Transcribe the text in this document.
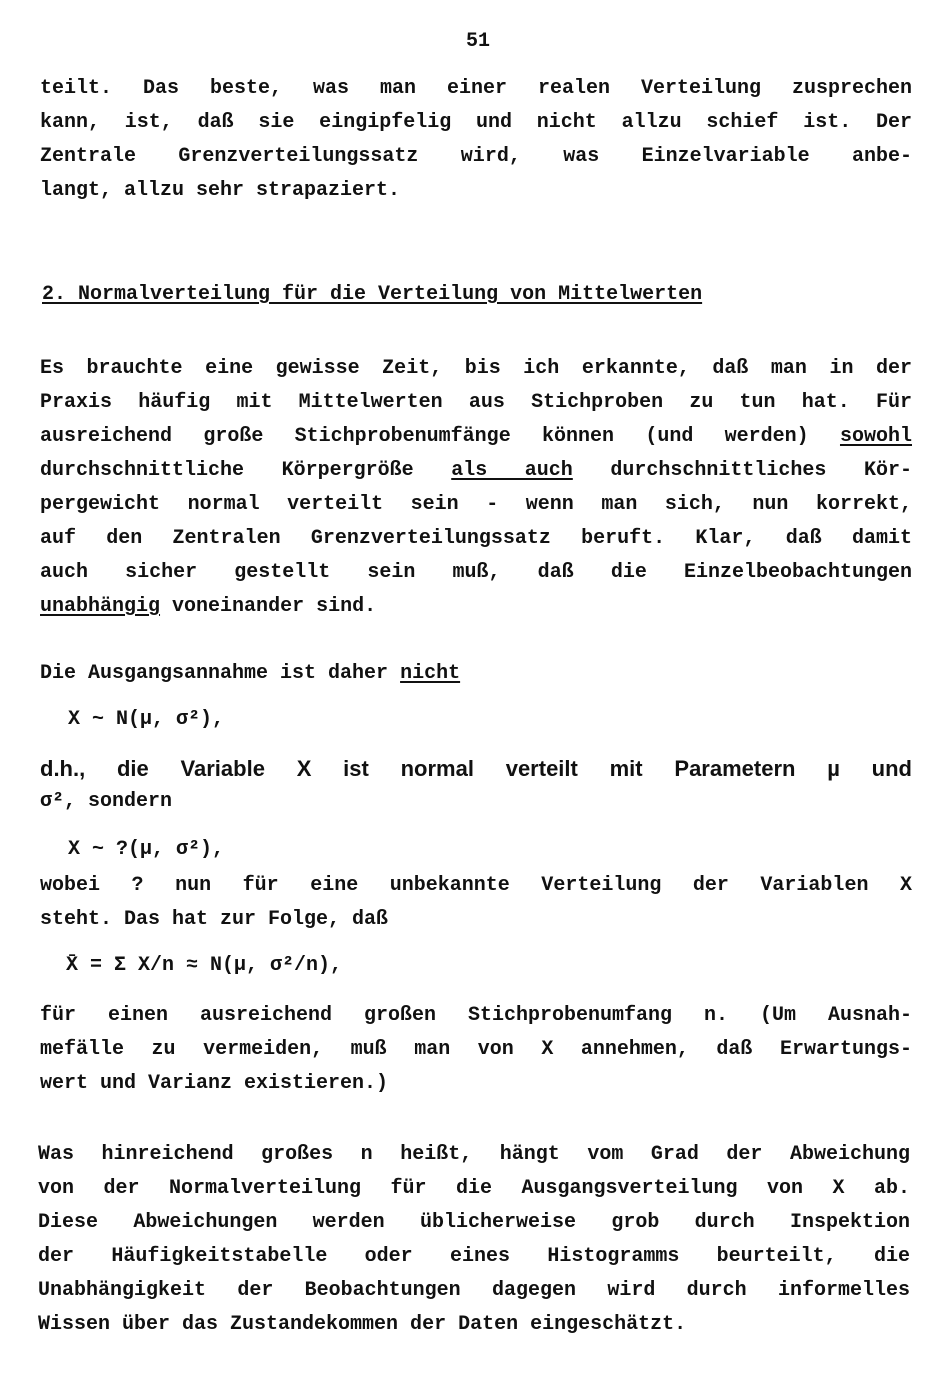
51
teilt. Das beste, was man einer realen Verteilung zusprechen
kann, ist, daß sie eingipfelig und nicht allzu schief ist. Der
Zentrale Grenzverteilungssatz wird, was Einzelvariable anbe-
langt, allzu sehr strapaziert.
2. Normalverteilung für die Verteilung von Mittelwerten
Es brauchte eine gewisse Zeit, bis ich erkannte, daß man in der
Praxis häufig mit Mittelwerten aus Stichproben zu tun hat. Für
ausreichend große Stichprobenumfänge können (und werden) sowohl
durchschnittliche Körpergröße als auch durchschnittliches Kör-
pergewicht normal verteilt sein - wenn man sich, nun korrekt,
auf den Zentralen Grenzverteilungssatz beruft. Klar, daß damit
auch sicher gestellt sein muß, daß die Einzelbeobachtungen
unabhängig voneinander sind.
Die Ausgangsannahme ist daher nicht
X ~ N(µ, σ²),
d.h., die Variable X ist normal verteilt mit Parametern µ und
σ², sondern
X ~ ?(µ, σ²),
wobei ? nun für eine unbekannte Verteilung der Variablen X
steht. Das hat zur Folge, daß
X̄ = Σ X/n ≈ N(µ, σ²/n),
für einen ausreichend großen Stichprobenumfang n. (Um Ausnah-
mefälle zu vermeiden, muß man von X annehmen, daß Erwartungs-
wert und Varianz existieren.)
Was hinreichend großes n heißt, hängt vom Grad der Abweichung
von der Normalverteilung für die Ausgangsverteilung von X ab.
Diese Abweichungen werden üblicherweise grob durch Inspektion
der Häufigkeitstabelle oder eines Histogramms beurteilt, die
Unabhängigkeit der Beobachtungen dagegen wird durch informelles
Wissen über das Zustandekommen der Daten eingeschätzt.
